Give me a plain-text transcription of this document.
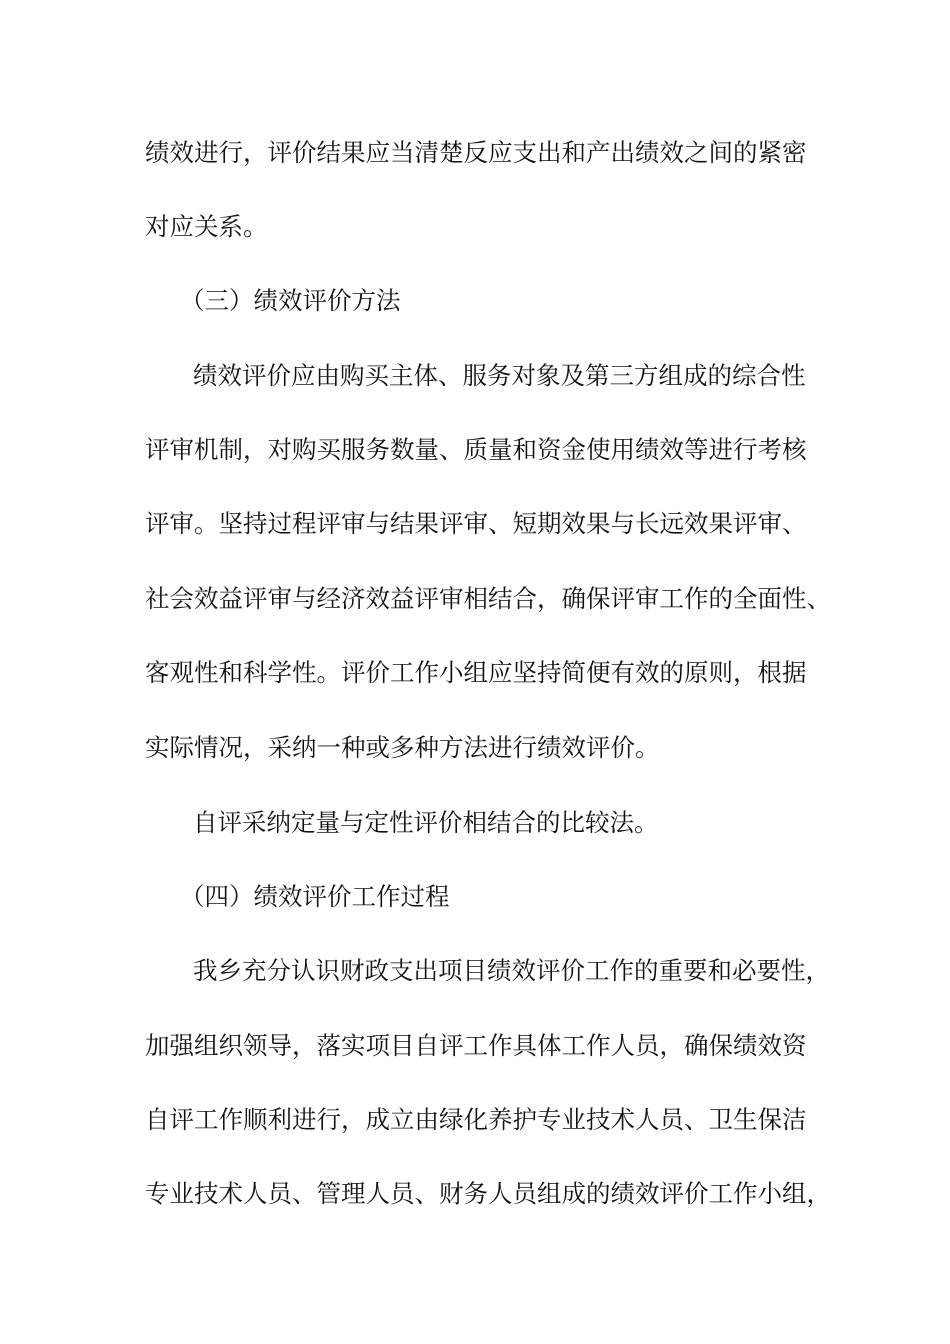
绩效进行，评价结果应当清楚反应支出和产出绩效之间的紧密
对应关系。
（三）绩效评价方法
绩效评价应由购买主体、服务对象及第三方组成的综合性
评审机制，对购买服务数量、质量和资金使用绩效等进行考核
评审。坚持过程评审与结果评审、短期效果与长远效果评审、
社会效益评审与经济效益评审相结合，确保评审工作的全面性、
客观性和科学性。评价工作小组应坚持简便有效的原则，根据
实际情况，采纳一种或多种方法进行绩效评价。
自评采纳定量与定性评价相结合的比较法。
（四）绩效评价工作过程
我乡充分认识财政支出项目绩效评价工作的重要和必要性，
加强组织领导，落实项目自评工作具体工作人员，确保绩效资
自评工作顺利进行，成立由绿化养护专业技术人员、卫生保洁
专业技术人员、管理人员、财务人员组成的绩效评价工作小组，
